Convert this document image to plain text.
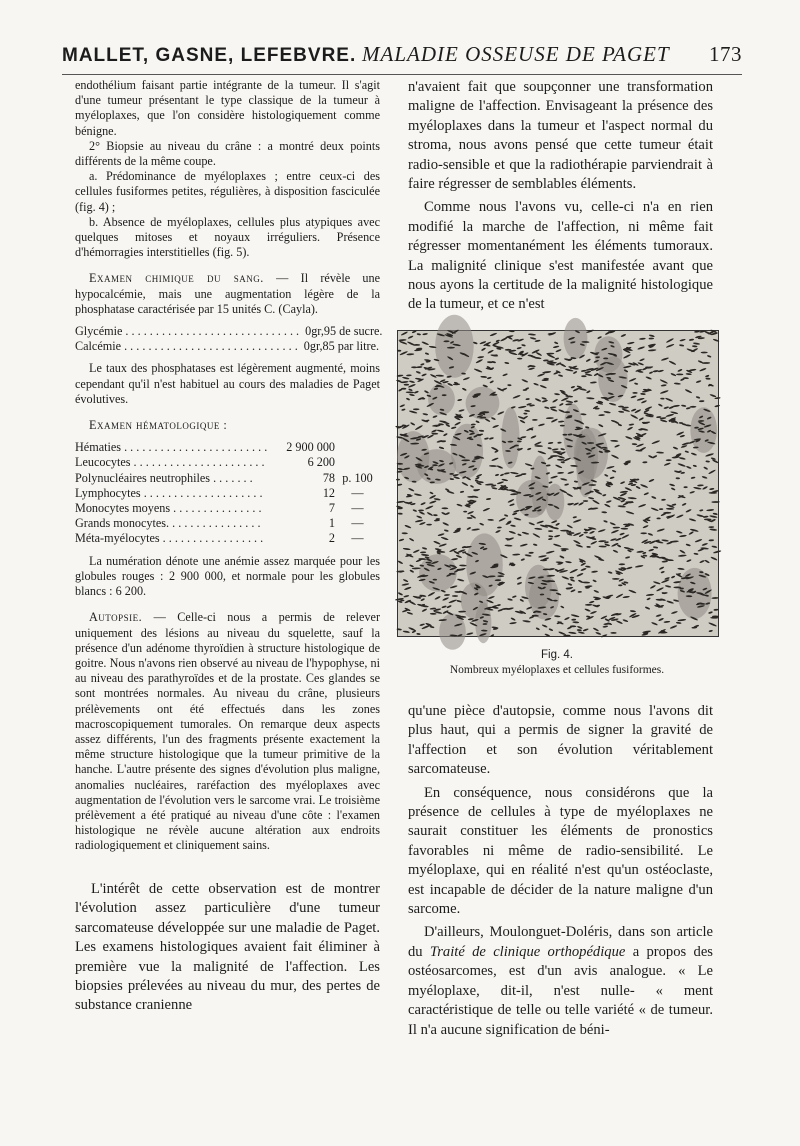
MALLET, GASNE, LEFEBVRE. MALADIE OSSEUSE DE PAGET 173

endothélium faisant partie intégrante de la tumeur. Il s'agit d'une tumeur présentant le type classique de la tumeur à myéloplaxes, que l'on considère histologiquement comme bénigne.

2° Biopsie au niveau du crâne : a montré deux points différents de la même coupe.

a. Prédominance de myéloplaxes ; entre ceux-ci des cellules fusiformes petites, régulières, à disposition fasciculée (fig. 4) ;

b. Absence de myéloplaxes, cellules plus atypiques avec quelques mitoses et noyaux irréguliers. Présence d'hémorragies interstitielles (fig. 5).

Examen chimique du sang. — Il révèle une hypocalcémie, mais une augmentation légère de la phosphatase caractérisée par 15 unités C. (Cayla).

Glycémie . . . . . . . . . . . . . . . . . . . . . . . . . . . . . 0gr,95 de sucre.
Calcémie . . . . . . . . . . . . . . . . . . . . . . . . . . . . . 0gr,85 par litre.

Le taux des phosphatases est légèrement augmenté, moins cependant qu'il n'est habituel au cours des maladies de Paget évolutives.

Examen hématologique :

Hématies . . . . . . . . . . . . . . . . . . . . . . . .	2 900 000
Leucocytes . . . . . . . . . . . . . . . . . . . . . .	6 200
Polynucléaires neutrophiles . . . . . . .	78 p. 100
Lymphocytes . . . . . . . . . . . . . . . . . . . .	12	—
Monocytes moyens . . . . . . . . . . . . . . .	7	—
Grands monocytes. . . . . . . . . . . . . . . .	1	—
Méta-myélocytes . . . . . . . . . . . . . . . . .	2	—

La numération dénote une anémie assez marquée pour les globules rouges : 2 900 000, et normale pour les globules blancs : 6 200.

Autopsie. — Celle-ci nous a permis de relever uniquement des lésions au niveau du squelette, sauf la présence d'un adénome thyroïdien à structure histologique de goitre. Nous n'avons rien observé au niveau de l'hypophyse, ni au niveau des parathyroïdes et de la prostate. Ces glandes se sont montrées normales. Au niveau du crâne, plusieurs prélèvements ont été effectués dans les zones macroscopiquement tumorales. On remarque deux aspects assez différents, l'un des fragments présente exactement la même structure histologique que la tumeur primitive de la hanche. L'autre présente des signes d'évolution plus maligne, anomalies nucléaires, raréfaction des myéloplaxes avec augmentation de l'évolution vers le sarcome vrai. Le troisième prélèvement a été pratiqué au niveau d'une côte : l'examen histologique ne révèle aucune altération aux endroits radiologiquement et cliniquement sains.

L'intérêt de cette observation est de montrer l'évolution assez particulière d'une tumeur sarcomateuse développée sur une maladie de Paget. Les examens histologiques avaient fait éliminer à première vue la malignité de l'affection. Les biopsies prélevées au niveau du mur, des pertes de substance cranienne

n'avaient fait que soupçonner une transformation maligne de l'affection. Envisageant la présence des myéloplaxes dans la tumeur et l'aspect normal du stroma, nous avons pensé que cette tumeur était radio-sensible et que la radiothérapie parviendrait à faire régresser de semblables éléments.

Comme nous l'avons vu, celle-ci n'a en rien modifié la marche de l'affection, ni même fait régresser momentanément les éléments tumoraux. La malignité clinique s'est manifestée avant que nous ayons la certitude de la malignité histologique de la tumeur, et ce n'est

Fig. 4.
Nombreux myéloplaxes et cellules fusiformes.

qu'une pièce d'autopsie, comme nous l'avons dit plus haut, qui a permis de signer la gravité de l'affection et son évolution véritablement sarcomateuse.

En conséquence, nous considérons que la présence de cellules à type de myéloplaxes ne saurait constituer les éléments de pronostics favorables ni même de radio-sensibilité. Le myéloplaxe, qui en réalité n'est qu'un ostéoclaste, est incapable de décider de la nature maligne d'un sarcome.

D'ailleurs, Moulonguet-Doléris, dans son article du Traité de clinique orthopédique a propos des ostéosarcomes, est d'un avis analogue. « Le myéloplaxe, dit-il, n'est nulle- « ment caractéristique de telle ou telle variété « de tumeur. Il n'a aucune signification de béni-
